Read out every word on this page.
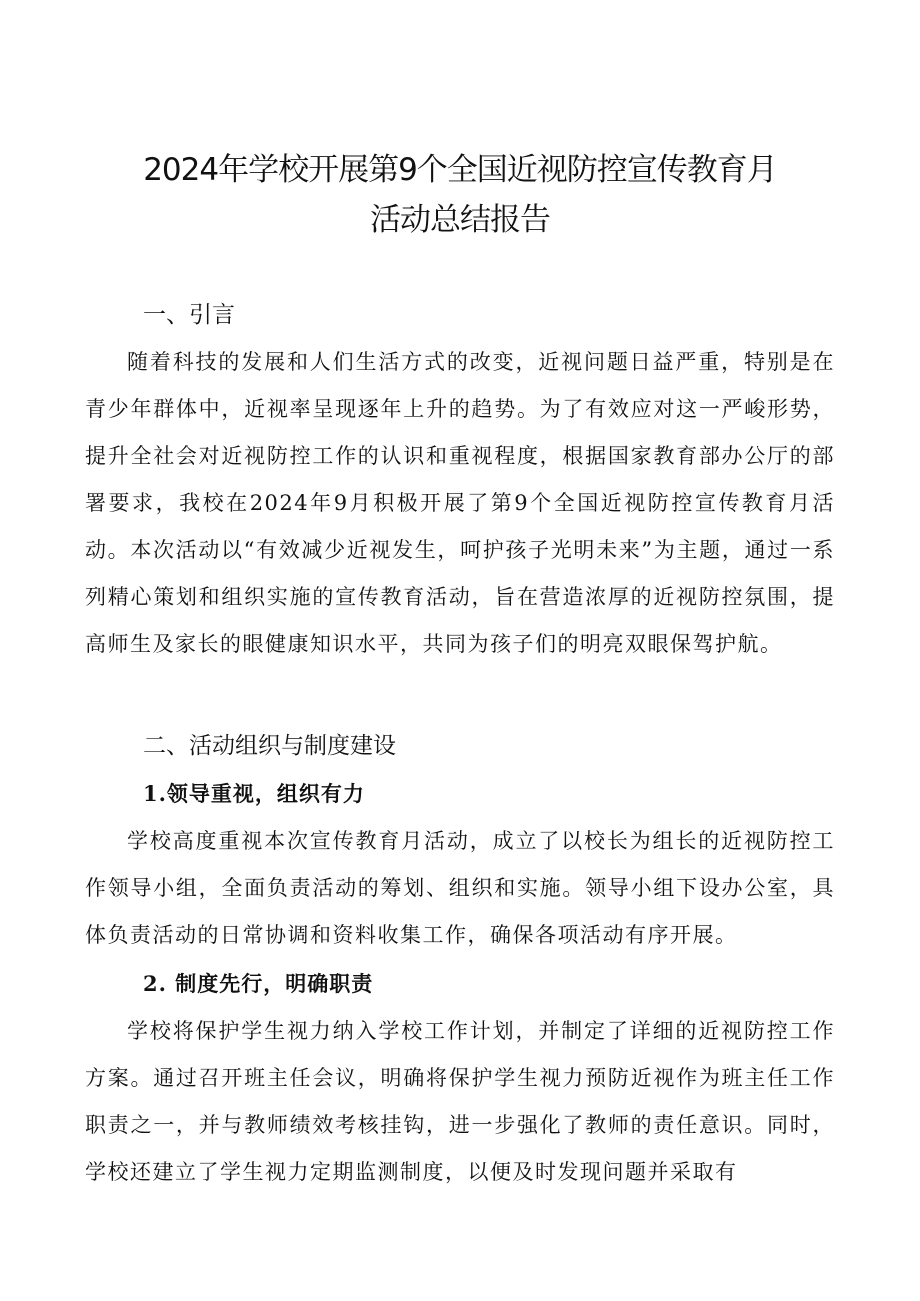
2024年学校开展第9个全国近视防控宣传教育月
活动总结报告
一、引言

随着科技的发展和人们生活方式的改变，近视问题日益严重，特别是在青少年群体中，近视率呈现逐年上升的趋势。为了有效应对这一严峻形势，提升全社会对近视防控工作的认识和重视程度，根据国家教育部办公厅的部署要求，我校在2024年9月积极开展了第9个全国近视防控宣传教育月活动。本次活动以“有效减少近视发生，呵护孩子光明未来”为主题，通过一系列精心策划和组织实施的宣传教育活动，旨在营造浓厚的近视防控氛围，提高师生及家长的眼健康知识水平，共同为孩子们的明亮双眼保驾护航。

二、活动组织与制度建设
1.领导重视，组织有力

学校高度重视本次宣传教育月活动，成立了以校长为组长的近视防控工作领导小组，全面负责活动的筹划、组织和实施。领导小组下设办公室，具体负责活动的日常协调和资料收集工作，确保各项活动有序开展。

2. 制度先行，明确职责

学校将保护学生视力纳入学校工作计划，并制定了详细的近视防控工作方案。通过召开班主任会议，明确将保护学生视力预防近视作为班主任工作职责之一，并与教师绩效考核挂钩，进一步强化了教师的责任意识。同时，学校还建立了学生视力定期监测制度，以便及时发现问题并采取有
